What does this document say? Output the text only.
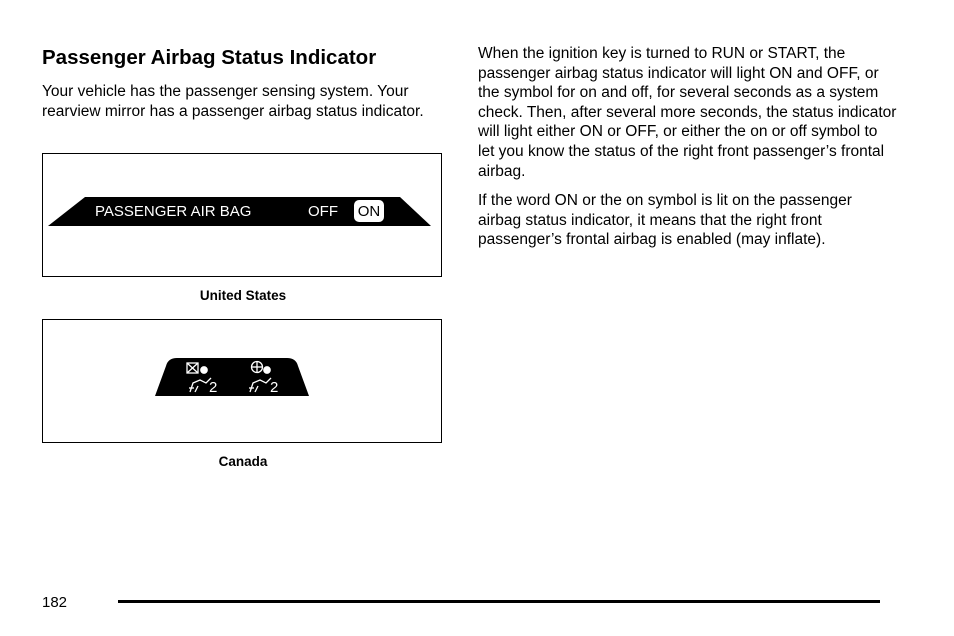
Passenger Airbag Status Indicator

Your vehicle has the passenger sensing system. Your rearview mirror has a passenger airbag status indicator.

PASSENGER AIR BAG	OFF ON
United States
2	2
Canada

When the ignition key is turned to RUN or START, the passenger airbag status indicator will light ON and OFF, or the symbol for on and off, for several seconds as a system check. Then, after several more seconds, the status indicator will light either ON or OFF, or either the on or off symbol to let you know the status of the right front passenger’s frontal airbag.

If the word ON or the on symbol is lit on the passenger airbag status indicator, it means that the right front passenger’s frontal airbag is enabled (may inflate).

182
